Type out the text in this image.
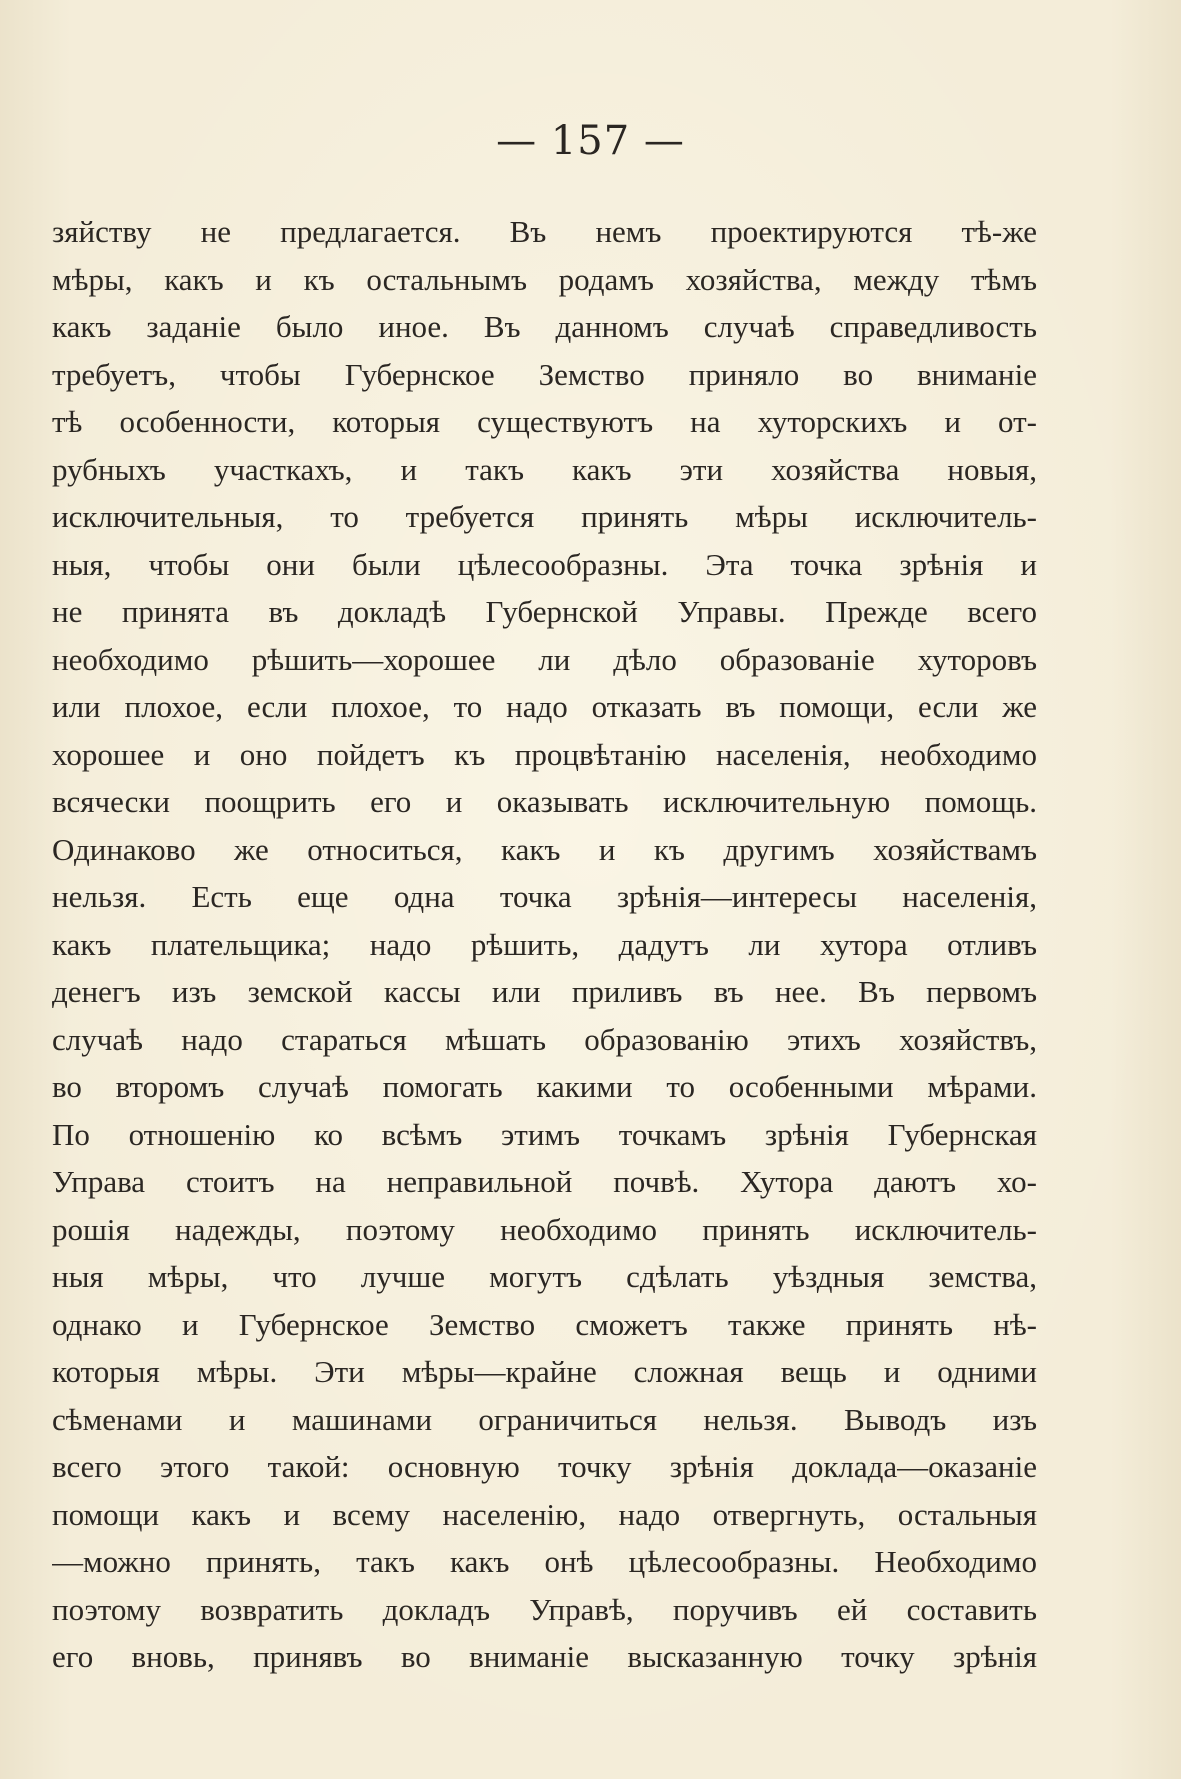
— 157 —
зяйству не предлагается. Въ немъ проектируются тѣ-же
мѣры, какъ и къ остальнымъ родамъ хозяйства, между тѣмъ
какъ заданіе было иное. Въ данномъ случаѣ справедливость
требуетъ, чтобы Губернское Земство приняло во вниманіе
тѣ особенности, которыя существуютъ на хуторскихъ и от-
рубныхъ участкахъ, и такъ какъ эти хозяйства новыя,
исключительныя, то требуется принять мѣры исключитель-
ныя, чтобы они были цѣлесообразны. Эта точка зрѣнія и
не принята въ докладѣ Губернской Управы. Прежде всего
необходимо рѣшить—хорошее ли дѣло образованіе хуторовъ
или плохое, если плохое, то надо отказать въ помощи, если же
хорошее и оно пойдетъ къ процвѣтанію населенія, необходимо
всячески поощрить его и оказывать исключительную помощь.
Одинаково же относиться, какъ и къ другимъ хозяйствамъ
нельзя. Есть еще одна точка зрѣнія—интересы населенія,
какъ плательщика; надо рѣшить, дадутъ ли хутора отливъ
денегъ изъ земской кассы или приливъ въ нее. Въ первомъ
случаѣ надо стараться мѣшать образованію этихъ хозяйствъ,
во второмъ случаѣ помогать какими то особенными мѣрами.
По отношенію ко всѣмъ этимъ точкамъ зрѣнія Губернская
Управа стоитъ на неправильной почвѣ. Хутора даютъ хо-
рошія надежды, поэтому необходимо принять исключитель-
ныя мѣры, что лучше могутъ сдѣлать уѣздныя земства,
однако и Губернское Земство сможетъ также принять нѣ-
которыя мѣры. Эти мѣры—крайне сложная вещь и одними
сѣменами и машинами ограничиться нельзя. Выводъ изъ
всего этого такой: основную точку зрѣнія доклада—оказаніе
помощи какъ и всему населенію, надо отвергнуть, остальныя
—можно принять, такъ какъ онѣ цѣлесообразны. Необходимо
поэтому возвратить докладъ Управѣ, поручивъ ей составить
его вновь, принявъ во вниманіе высказанную точку зрѣнія
